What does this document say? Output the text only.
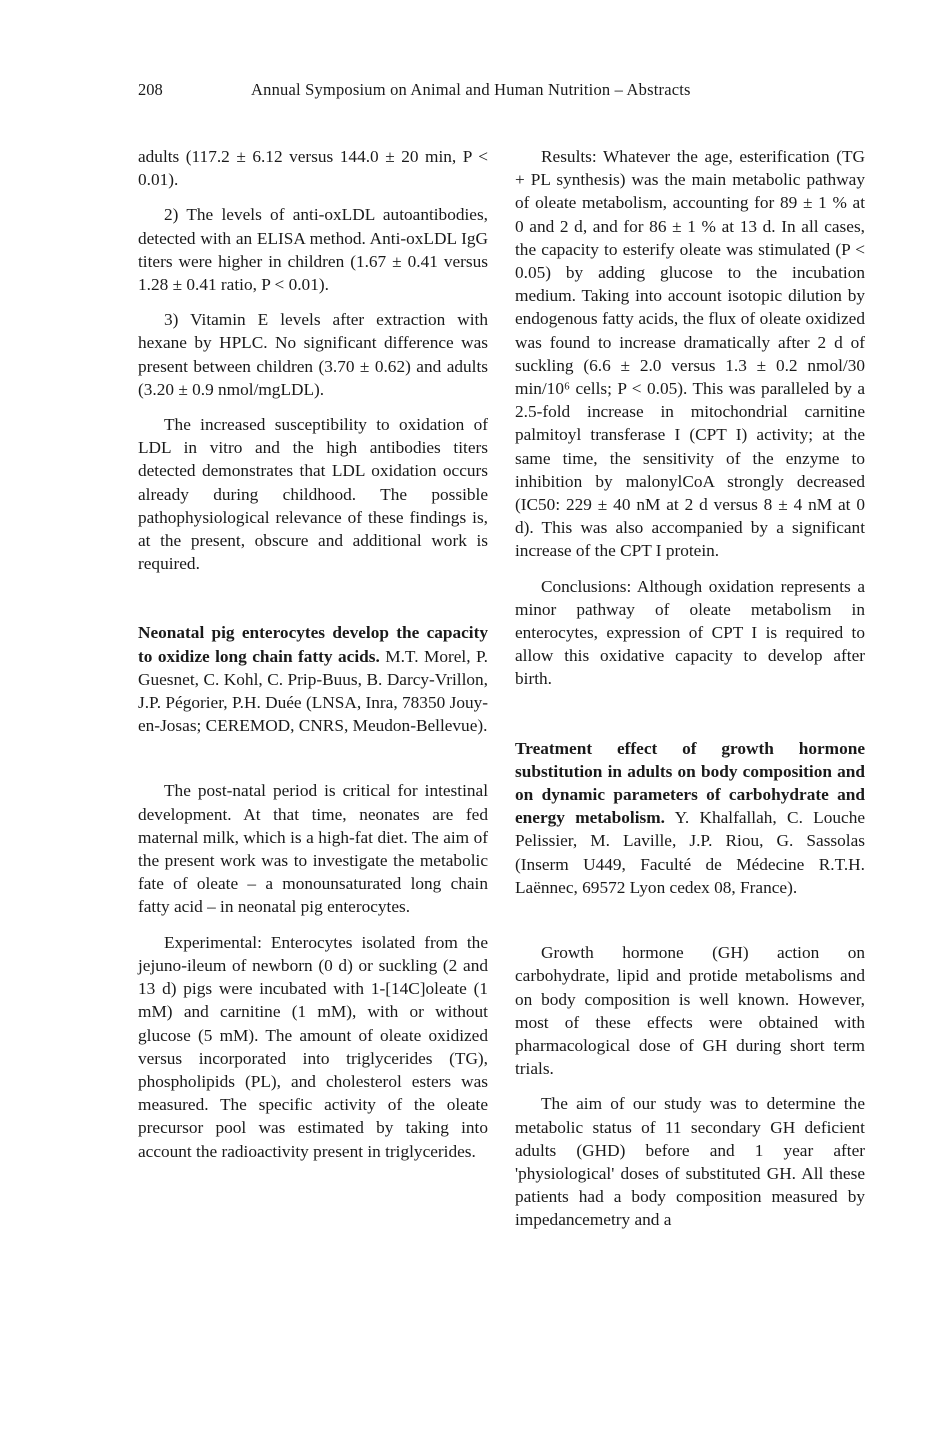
208	Annual Symposium on Animal and Human Nutrition – Abstracts

adults (117.2 ± 6.12 versus 144.0 ± 20 min, P < 0.01).

2) The levels of anti-oxLDL autoantibodies, detected with an ELISA method. Anti-oxLDL IgG titers were higher in children (1.67 ± 0.41 versus 1.28 ± 0.41 ratio, P < 0.01).

3) Vitamin E levels after extraction with hexane by HPLC. No significant difference was present between children (3.70 ± 0.62) and adults (3.20 ± 0.9 nmol/mgLDL).

The increased susceptibility to oxidation of LDL in vitro and the high antibodies titers detected demonstrates that LDL oxidation occurs already during childhood. The possible pathophysiological relevance of these findings is, at the present, obscure and additional work is required.

Neonatal pig enterocytes develop the capacity to oxidize long chain fatty acids. M.T. Morel, P. Guesnet, C. Kohl, C. Prip-Buus, B. Darcy-Vrillon, J.P. Pégorier, P.H. Duée (LNSA, Inra, 78350 Jouy-en-Josas; CEREMOD, CNRS, Meudon-Bellevue).

The post-natal period is critical for intestinal development. At that time, neonates are fed maternal milk, which is a high-fat diet. The aim of the present work was to investigate the metabolic fate of oleate – a monounsaturated long chain fatty acid – in neonatal pig enterocytes.

Experimental: Enterocytes isolated from the jejuno-ileum of newborn (0 d) or suckling (2 and 13 d) pigs were incubated with 1-[14C]oleate (1 mM) and carnitine (1 mM), with or without glucose (5 mM). The amount of oleate oxidized versus incorporated into triglycerides (TG), phospholipids (PL), and cholesterol esters was measured. The specific activity of the oleate precursor pool was estimated by taking into account the radioactivity present in triglycerides.

Results: Whatever the age, esterification (TG + PL synthesis) was the main metabolic pathway of oleate metabolism, accounting for 89 ± 1 % at 0 and 2 d, and for 86 ± 1 % at 13 d. In all cases, the capacity to esterify oleate was stimulated (P < 0.05) by adding glucose to the incubation medium. Taking into account isotopic dilution by endogenous fatty acids, the flux of oleate oxidized was found to increase dramatically after 2 d of suckling (6.6 ± 2.0 versus 1.3 ± 0.2 nmol/30 min/10⁶ cells; P < 0.05). This was paralleled by a 2.5-fold increase in mitochondrial carnitine palmitoyl transferase I (CPT I) activity; at the same time, the sensitivity of the enzyme to inhibition by malonylCoA strongly decreased (IC50: 229 ± 40 nM at 2 d versus 8 ± 4 nM at 0 d). This was also accompanied by a significant increase of the CPT I protein.

Conclusions: Although oxidation represents a minor pathway of oleate metabolism in enterocytes, expression of CPT I is required to allow this oxidative capacity to develop after birth.

Treatment effect of growth hormone substitution in adults on body composition and on dynamic parameters of carbohydrate and energy metabolism. Y. Khalfallah, C. Louche Pelissier, M. Laville, J.P. Riou, G. Sassolas (Inserm U449, Faculté de Médecine R.T.H. Laënnec, 69572 Lyon cedex 08, France).

Growth hormone (GH) action on carbohydrate, lipid and protide metabolisms and on body composition is well known. However, most of these effects were obtained with pharmacological dose of GH during short term trials.

The aim of our study was to determine the metabolic status of 11 secondary GH deficient adults (GHD) before and 1 year after 'physiological' doses of substituted GH. All these patients had a body composition measured by impedancemetry and a
